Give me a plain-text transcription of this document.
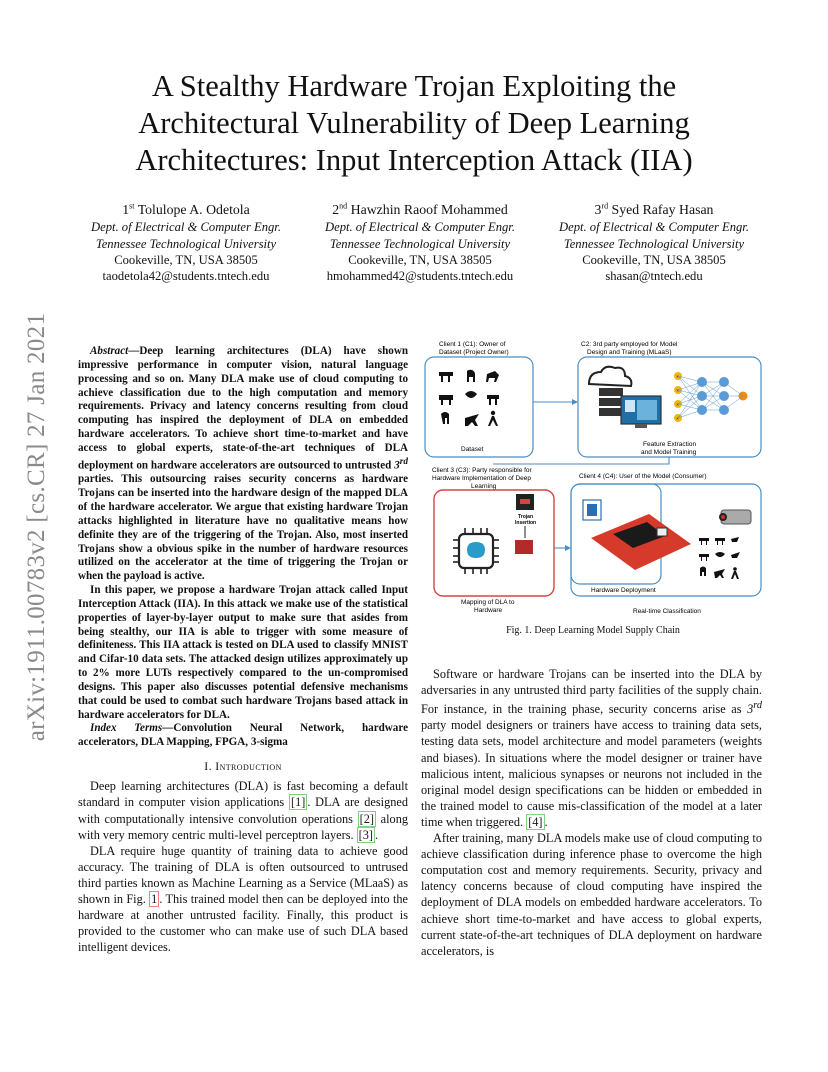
arXiv:1911.00783v2 [cs.CR] 27 Jan 2021
A Stealthy Hardware Trojan Exploiting the
Architectural Vulnerability of Deep Learning
Architectures: Input Interception Attack (IIA)
1st Tolulope A. Odetola
Dept. of Electrical & Computer Engr.
Tennessee Technological University
Cookeville, TN, USA 38505
taodetola42@students.tntech.edu
2nd Hawzhin Raoof Mohammed
Dept. of Electrical & Computer Engr.
Tennessee Technological University
Cookeville, TN, USA 38505
hmohammed42@students.tntech.edu
3rd Syed Rafay Hasan
Dept. of Electrical & Computer Engr.
Tennessee Technological University
Cookeville, TN, USA 38505
shasan@tntech.edu

Abstract—Deep learning architectures (DLA) have shown impressive performance in computer vision, natural language processing and so on. Many DLA make use of cloud computing to achieve classification due to the high computation and memory requirements. Privacy and latency concerns resulting from cloud computing has inspired the deployment of DLA on embedded hardware accelerators. To achieve short time-to-market and have access to global experts, state-of-the-art techniques of DLA deployment on hardware accelerators are outsourced to untrusted 3rd parties. This outsourcing raises security concerns as hardware Trojans can be inserted into the hardware design of the mapped DLA of the hardware accelerator. We argue that existing hardware Trojan attacks highlighted in literature have no qualitative means how definite they are of the triggering of the Trojan. Also, most inserted Trojans show a obvious spike in the number of hardware resources utilized on the accelerator at the time of triggering the Trojan or when the payload is active.

In this paper, we propose a hardware Trojan attack called Input Interception Attack (IIA). In this attack we make use of the statistical properties of layer-by-layer output to make sure that asides from being stealthy, our IIA is able to trigger with some measure of definiteness. This IIA attack is tested on DLA used to classify MNIST and Cifar-10 data sets. The attacked design utilizes approximately up to 2% more LUTs respectively compared to the un-compromised designs. This paper also discusses potential defensive mechanisms that could be used to combat such hardware Trojans based attack in hardware accelerators for DLA.

Index Terms—Convolution Neural Network, hardware accelerators, DLA Mapping, FPGA, 3-sigma

I. Introduction

Deep learning architectures (DLA) is fast becoming a default standard in computer vision applications [1] . DLA are designed with computationally intensive convolution operations [2] along with very memory centric multi-level perceptron layers. [3] .

DLA require huge quantity of training data to achieve good accuracy. The training of DLA is often outsourced to untrused third parties known as Machine Learning as a Service (MLaaS) as shown in Fig. 1 . This trained model then can be deployed into the hardware at another untrusted facility. Finally, this product is provided to the customer who can make use of such DLA based intelligent devices.

Client 1 (C1): Owner of
Dataset (Project Owner)
C2: 3rd party employed for Model
Design and Training (MLaaS)
Dataset
x
x
x
x
Feature Extraction
and Model Training
Client 3 (C3): Party responsible for
Hardware Implementation of Deep
Learning
Trojan
Insertion
Mapping of DLA to
Hardware
Client 4 (C4): User of the Model (Consumer)
Hardware Deployment
Real-time Classification
Fig. 1. Deep Learning Model Supply Chain

Software or hardware Trojans can be inserted into the DLA by adversaries in any untrusted third party facilities of the supply chain. For instance, in the training phase, security concerns arise as 3rd party model designers or trainers have access to training data sets, testing data sets, model architecture and model parameters (weights and biases). In situations where the model designer or trainer have malicious intent, malicious synapses or neurons not included in the original model design specifications can be hidden or embedded in the trained model to cause mis-classification of the model at a later time when triggered. [4] .

After training, many DLA models make use of cloud computing to achieve classification during inference phase to overcome the high computation cost and memory requirements. Security, privacy and latency concerns because of cloud computing have inspired the deployment of DLA models on embedded hardware accelerators. To achieve short time-to-market and have access to global experts, current state-of-the-art techniques of DLA deployment on hardware accelerators, is
